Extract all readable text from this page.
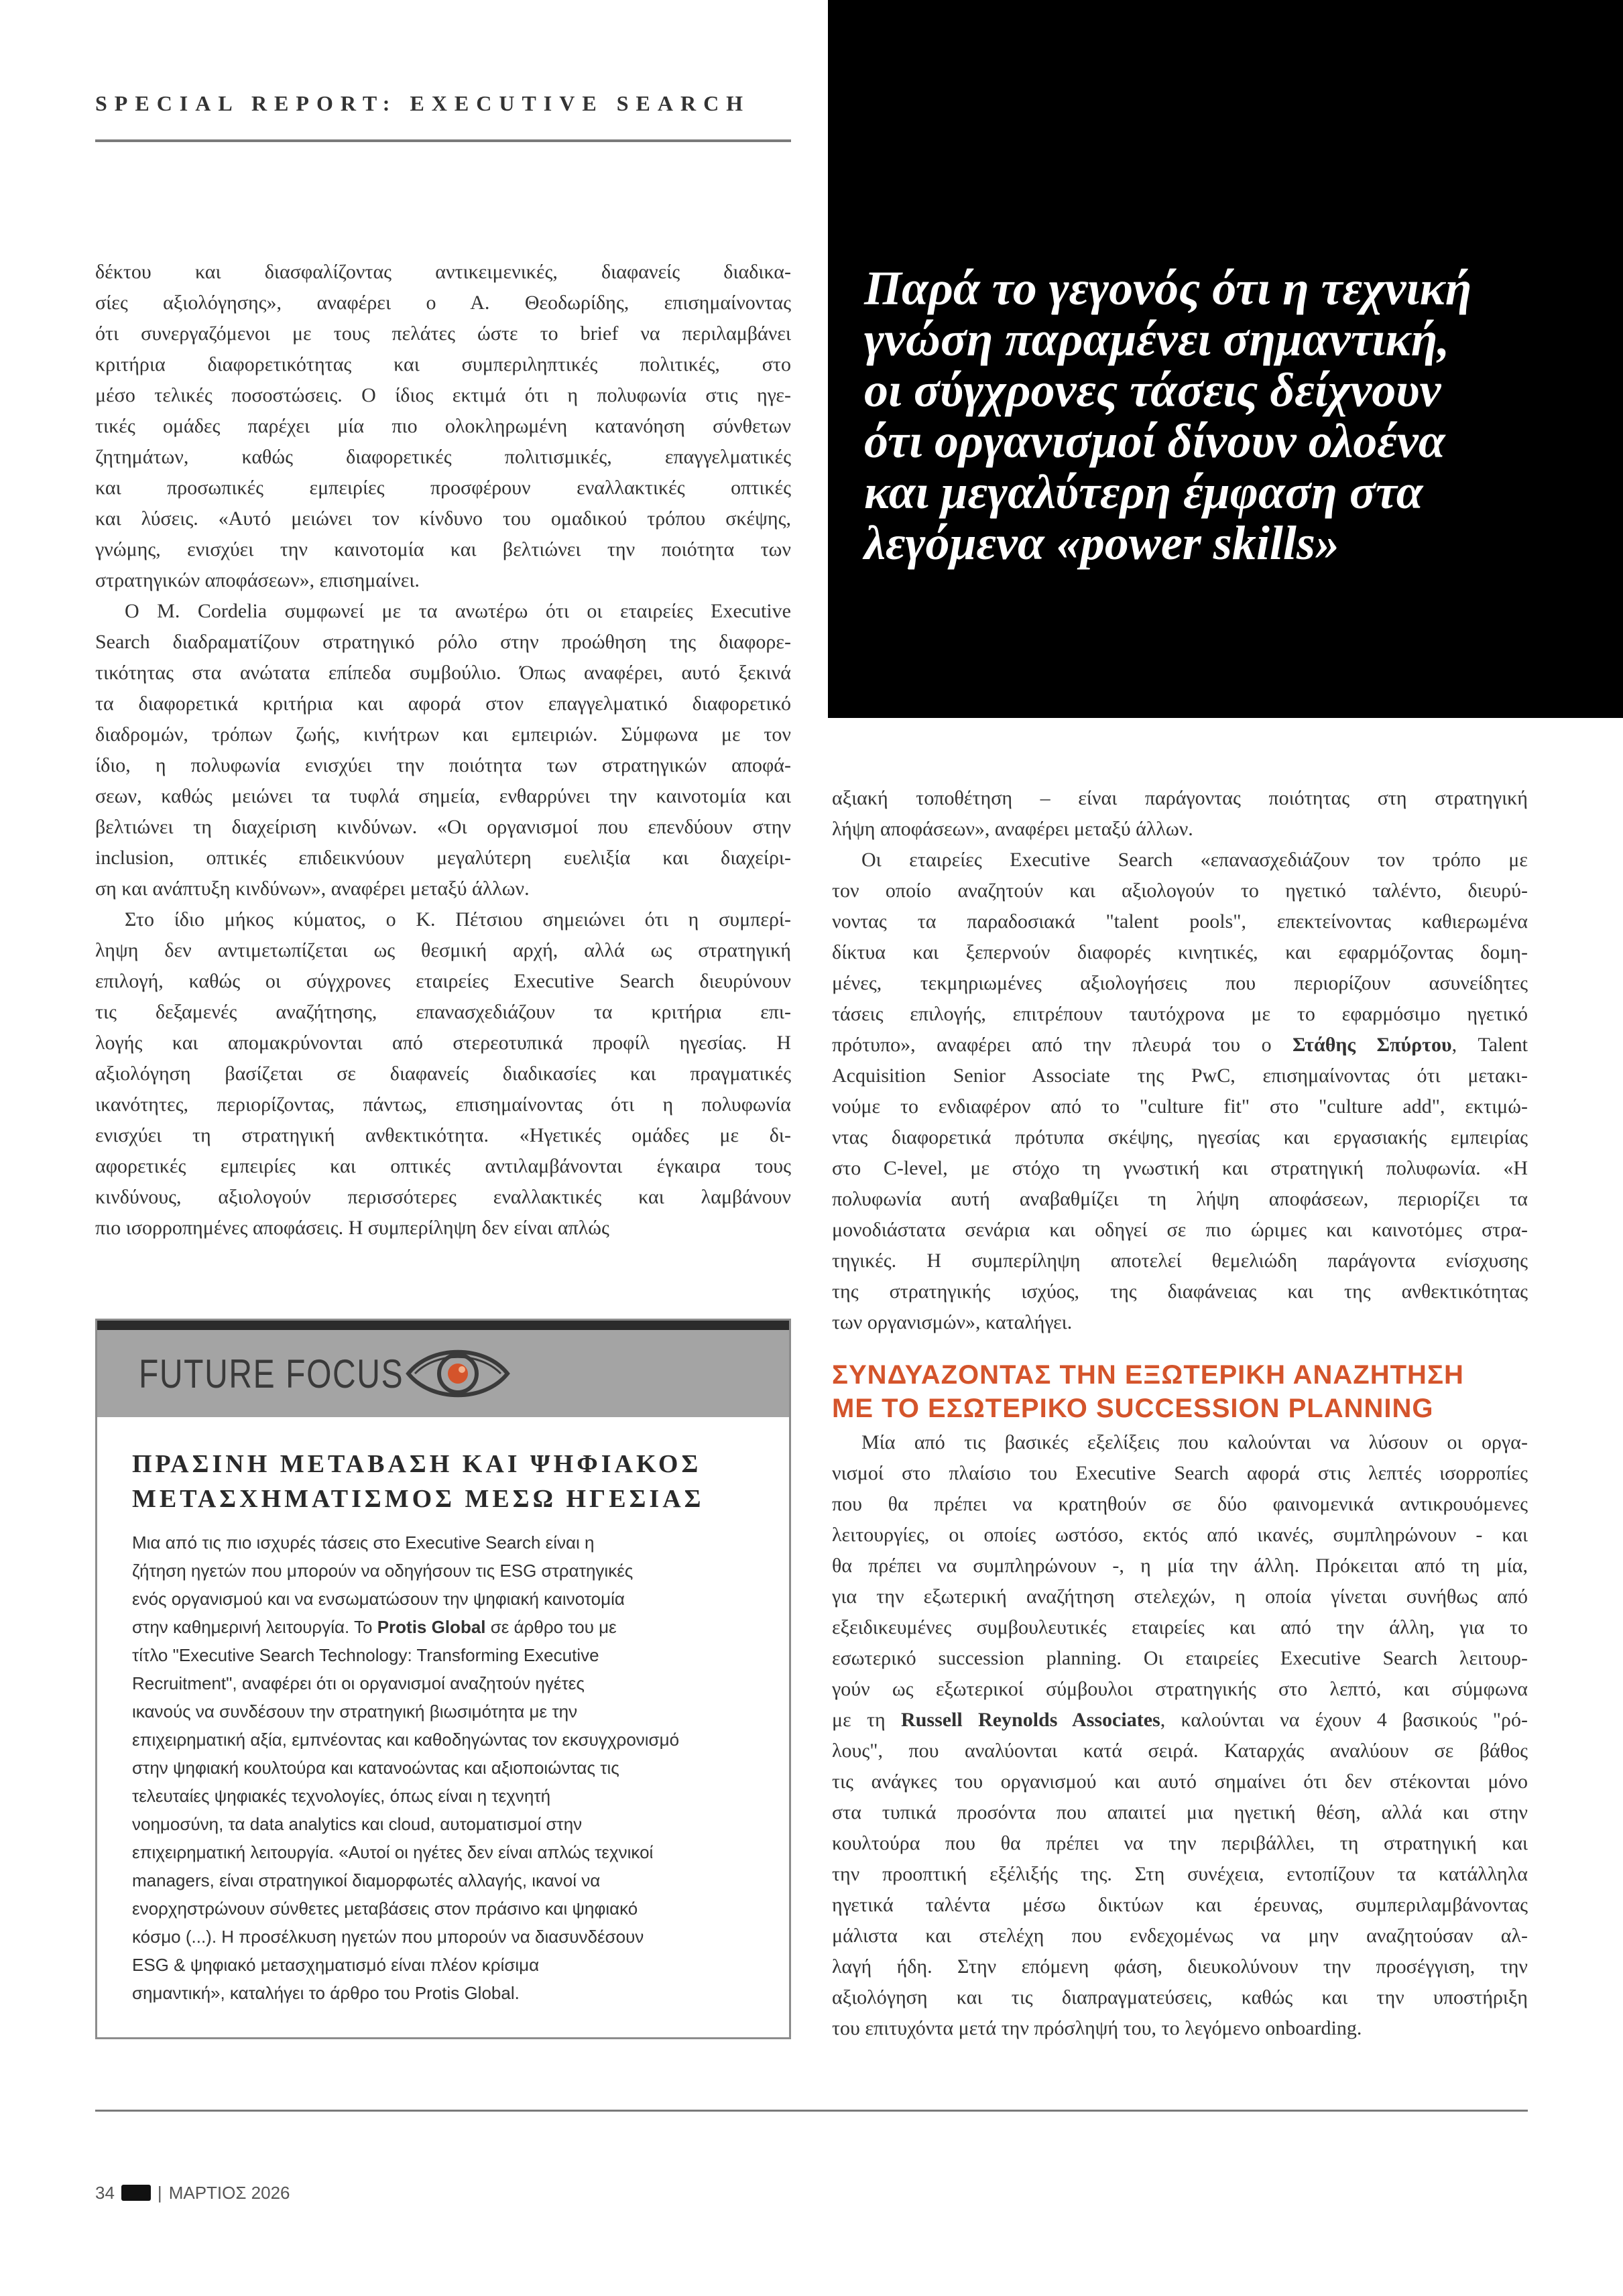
SPECIAL REPORT: EXECUTIVE SEARCH
δέκτου και διασφαλίζοντας αντικειμενικές, διαφανείς διαδικα-
σίες αξιολόγησης», αναφέρει ο Α. Θεοδωρίδης, επισημαίνοντας
ότι συνεργαζόμενοι με τους πελάτες ώστε το brief να περιλαμβάνει
κριτήρια διαφορετικότητας και συμπεριληπτικές πολιτικές, στο
μέσο τελικές ποσοστώσεις. Ο ίδιος εκτιμά ότι η πολυφωνία στις ηγε-
τικές ομάδες παρέχει μία πιο ολοκληρωμένη κατανόηση σύνθετων
ζητημάτων, καθώς διαφορετικές πολιτισμικές, επαγγελματικές
και προσωπικές εμπειρίες προσφέρουν εναλλακτικές οπτικές
και λύσεις. «Αυτό μειώνει τον κίνδυνο του ομαδικού τρόπου σκέψης,
γνώμης, ενισχύει την καινοτομία και βελτιώνει την ποιότητα των
στρατηγικών αποφάσεων», επισημαίνει.
Ο Μ. Cordelia συμφωνεί με τα ανωτέρω ότι οι εταιρείες Executive
Search διαδραματίζουν στρατηγικό ρόλο στην προώθηση της διαφορε-
τικότητας στα ανώτατα επίπεδα συμβούλιο. Όπως αναφέρει, αυτό ξεκινά
τα διαφορετικά κριτήρια και αφορά στον επαγγελματικό διαφορετικό
διαδρομών, τρόπων ζωής, κινήτρων και εμπειριών. Σύμφωνα με τον
ίδιο, η πολυφωνία ενισχύει την ποιότητα των στρατηγικών αποφά-
σεων, καθώς μειώνει τα τυφλά σημεία, ενθαρρύνει την καινοτομία και
βελτιώνει τη διαχείριση κινδύνων. «Οι οργανισμοί που επενδύουν στην
inclusion, οπτικές επιδεικνύουν μεγαλύτερη ευελιξία και διαχείρι-
ση και ανάπτυξη κινδύνων», αναφέρει μεταξύ άλλων.
Στο ίδιο μήκος κύματος, ο Κ. Πέτσιου σημειώνει ότι η συμπερί-
ληψη δεν αντιμετωπίζεται ως θεσμική αρχή, αλλά ως στρατηγική
επιλογή, καθώς οι σύγχρονες εταιρείες Executive Search διευρύνουν
τις δεξαμενές αναζήτησης, επανασχεδιάζουν τα κριτήρια επι-
λογής και απομακρύνονται από στερεοτυπικά προφίλ ηγεσίας. Η
αξιολόγηση βασίζεται σε διαφανείς διαδικασίες και πραγματικές
ικανότητες, περιορίζοντας, πάντως, επισημαίνοντας ότι η πολυφωνία
ενισχύει τη στρατηγική ανθεκτικότητα. «Ηγετικές ομάδες με δι-
αφορετικές εμπειρίες και οπτικές αντιλαμβάνονται έγκαιρα τους
κινδύνους, αξιολογούν περισσότερες εναλλακτικές και λαμβάνουν
πιο ισορροπημένες αποφάσεις. Η συμπερίληψη δεν είναι απλώς
Παρά το γεγονός ότι η τεχνική
γνώση παραμένει σημαντική,
οι σύγχρονες τάσεις δείχνουν
ότι οργανισμοί δίνουν ολοένα
και μεγαλύτερη έμφαση στα
λεγόμενα «power skills»
αξιακή τοποθέτηση – είναι παράγοντας ποιότητας στη στρατηγική
λήψη αποφάσεων», αναφέρει μεταξύ άλλων.
Οι εταιρείες Executive Search «επανασχεδιάζουν τον τρόπο με
τον οποίο αναζητούν και αξιολογούν το ηγετικό ταλέντο, διευρύ-
νοντας τα παραδοσιακά "talent pools", επεκτείνοντας καθιερωμένα
δίκτυα και ξεπερνούν διαφορές κινητικές, και εφαρμόζοντας δομη-
μένες, τεκμηριωμένες αξιολογήσεις που περιορίζουν ασυνείδητες
τάσεις επιλογής, επιτρέπουν ταυτόχρονα με το εφαρμόσιμο ηγετικό
πρότυπο», αναφέρει από την πλευρά του ο Στάθης Σπύρτου, Talent
Acquisition Senior Associate της PwC, επισημαίνοντας ότι μετακι-
νούμε το ενδιαφέρον από το "culture fit" στο "culture add", εκτιμώ-
ντας διαφορετικά πρότυπα σκέψης, ηγεσίας και εργασιακής εμπειρίας
στο C-level, με στόχο τη γνωστική και στρατηγική πολυφωνία. «Η
πολυφωνία αυτή αναβαθμίζει τη λήψη αποφάσεων, περιορίζει τα
μονοδιάστατα σενάρια και οδηγεί σε πιο ώριμες και καινοτόμες στρα-
τηγικές. Η συμπερίληψη αποτελεί θεμελιώδη παράγοντα ενίσχυσης
της στρατηγικής ισχύος, της διαφάνειας και της ανθεκτικότητας
των οργανισμών», καταλήγει.
ΣΥΝΔΥΑΖΟΝΤΑΣ ΤΗΝ ΕΞΩΤΕΡΙΚΗ ΑΝΑΖΗΤΗΣΗ
ΜΕ ΤΟ ΕΣΩΤΕΡΙΚΟ SUCCESSION PLANNING
Μία από τις βασικές εξελίξεις που καλούνται να λύσουν οι οργα-
νισμοί στο πλαίσιο του Executive Search αφορά στις λεπτές ισορροπίες
που θα πρέπει να κρατηθούν σε δύο φαινομενικά αντικρουόμενες
λειτουργίες, οι οποίες ωστόσο, εκτός από ικανές, συμπληρώνουν - και
θα πρέπει να συμπληρώνουν -, η μία την άλλη. Πρόκειται από τη μία,
για την εξωτερική αναζήτηση στελεχών, η οποία γίνεται συνήθως από
εξειδικευμένες συμβουλευτικές εταιρείες και από την άλλη, για το
εσωτερικό succession planning. Οι εταιρείες Executive Search λειτουρ-
γούν ως εξωτερικοί σύμβουλοι στρατηγικής στο λεπτό, και σύμφωνα
με τη Russell Reynolds Associates, καλούνται να έχουν 4 βασικούς "ρό-
λους", που αναλύονται κατά σειρά. Καταρχάς αναλύουν σε βάθος
τις ανάγκες του οργανισμού και αυτό σημαίνει ότι δεν στέκονται μόνο
στα τυπικά προσόντα που απαιτεί μια ηγετική θέση, αλλά και στην
κουλτούρα που θα πρέπει να την περιβάλλει, τη στρατηγική και
την προοπτική εξέλιξής της. Στη συνέχεια, εντοπίζουν τα κατάλληλα
ηγετικά ταλέντα μέσω δικτύων και έρευνας, συμπεριλαμβάνοντας
μάλιστα και στελέχη που ενδεχομένως να μην αναζητούσαν αλ-
λαγή ήδη. Στην επόμενη φάση, διευκολύνουν την προσέγγιση, την
αξιολόγηση και τις διαπραγματεύσεις, καθώς και την υποστήριξη
του επιτυχόντα μετά την πρόσληψή του, το λεγόμενο onboarding.
FUTURE FOCUS
ΠΡΑΣΙΝΗ ΜΕΤΑΒΑΣΗ ΚΑΙ ΨΗΦΙΑΚΟΣ
ΜΕΤΑΣΧΗΜΑΤΙΣΜΟΣ ΜΕΣΩ ΗΓΕΣΙΑΣ
Μια από τις πιο ισχυρές τάσεις στο Executive Search είναι η
ζήτηση ηγετών που μπορούν να οδηγήσουν τις ESG στρατηγικές
ενός οργανισμού και να ενσωματώσουν την ψηφιακή καινοτομία
στην καθημερινή λειτουργία. Το Protis Global σε άρθρο του με
τίτλο "Executive Search Technology: Transforming Executive
Recruitment", αναφέρει ότι οι οργανισμοί αναζητούν ηγέτες
ικανούς να συνδέσουν την στρατηγική βιωσιμότητα με την
επιχειρηματική αξία, εμπνέοντας και καθοδηγώντας τον εκσυγχρονισμό
στην ψηφιακή κουλτούρα και κατανοώντας και αξιοποιώντας τις
τελευταίες ψηφιακές τεχνολογίες, όπως είναι η τεχνητή
νοημοσύνη, τα data analytics και cloud, αυτοματισμοί στην
επιχειρηματική λειτουργία. «Αυτοί οι ηγέτες δεν είναι απλώς τεχνικοί
managers, είναι στρατηγικοί διαμορφωτές αλλαγής, ικανοί να
ενορχηστρώνουν σύνθετες μεταβάσεις στον πράσινο και ψηφιακό
κόσμο (...). Η προσέλκυση ηγετών που μπορούν να διασυνδέσουν
ESG & ψηφιακό μετασχηματισμό είναι πλέον κρίσιμα
σημαντική», καταλήγει το άρθρο του Protis Global.
34 | ΜΑΡΤΙΟΣ 2026
